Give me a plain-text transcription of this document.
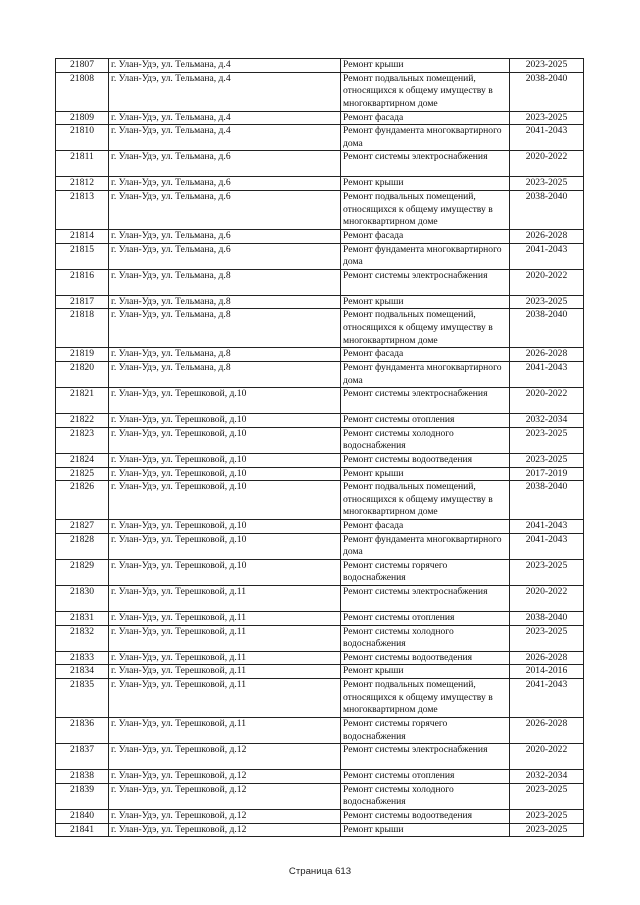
21807	г. Улан-Удэ, ул. Тельмана, д.4	Ремонт крыши	2023-2025
21808	г. Улан-Удэ, ул. Тельмана, д.4	Ремонт подвальных помещений, относящихся к общему имуществу в многоквартирном доме	2038-2040
21809	г. Улан-Удэ, ул. Тельмана, д.4	Ремонт фасада	2023-2025
21810	г. Улан-Удэ, ул. Тельмана, д.4	Ремонт фундамента многоквартирного дома	2041-2043
21811	г. Улан-Удэ, ул. Тельмана, д.6	Ремонт системы электроснабжения	2020-2022
21812	г. Улан-Удэ, ул. Тельмана, д.6	Ремонт крыши	2023-2025
21813	г. Улан-Удэ, ул. Тельмана, д.6	Ремонт подвальных помещений, относящихся к общему имуществу в многоквартирном доме	2038-2040
21814	г. Улан-Удэ, ул. Тельмана, д.6	Ремонт фасада	2026-2028
21815	г. Улан-Удэ, ул. Тельмана, д.6	Ремонт фундамента многоквартирного дома	2041-2043
21816	г. Улан-Удэ, ул. Тельмана, д.8	Ремонт системы электроснабжения	2020-2022
21817	г. Улан-Удэ, ул. Тельмана, д.8	Ремонт крыши	2023-2025
21818	г. Улан-Удэ, ул. Тельмана, д.8	Ремонт подвальных помещений, относящихся к общему имуществу в многоквартирном доме	2038-2040
21819	г. Улан-Удэ, ул. Тельмана, д.8	Ремонт фасада	2026-2028
21820	г. Улан-Удэ, ул. Тельмана, д.8	Ремонт фундамента многоквартирного дома	2041-2043
21821	г. Улан-Удэ, ул. Терешковой, д.10	Ремонт системы электроснабжения	2020-2022
21822	г. Улан-Удэ, ул. Терешковой, д.10	Ремонт системы отопления	2032-2034
21823	г. Улан-Удэ, ул. Терешковой, д.10	Ремонт системы холодного водоснабжения	2023-2025
21824	г. Улан-Удэ, ул. Терешковой, д.10	Ремонт системы водоотведения	2023-2025
21825	г. Улан-Удэ, ул. Терешковой, д.10	Ремонт крыши	2017-2019
21826	г. Улан-Удэ, ул. Терешковой, д.10	Ремонт подвальных помещений, относящихся к общему имуществу в многоквартирном доме	2038-2040
21827	г. Улан-Удэ, ул. Терешковой, д.10	Ремонт фасада	2041-2043
21828	г. Улан-Удэ, ул. Терешковой, д.10	Ремонт фундамента многоквартирного дома	2041-2043
21829	г. Улан-Удэ, ул. Терешковой, д.10	Ремонт системы горячего водоснабжения	2023-2025
21830	г. Улан-Удэ, ул. Терешковой, д.11	Ремонт системы электроснабжения	2020-2022
21831	г. Улан-Удэ, ул. Терешковой, д.11	Ремонт системы отопления	2038-2040
21832	г. Улан-Удэ, ул. Терешковой, д.11	Ремонт системы холодного водоснабжения	2023-2025
21833	г. Улан-Удэ, ул. Терешковой, д.11	Ремонт системы водоотведения	2026-2028
21834	г. Улан-Удэ, ул. Терешковой, д.11	Ремонт крыши	2014-2016
21835	г. Улан-Удэ, ул. Терешковой, д.11	Ремонт подвальных помещений, относящихся к общему имуществу в многоквартирном доме	2041-2043
21836	г. Улан-Удэ, ул. Терешковой, д.11	Ремонт системы горячего водоснабжения	2026-2028
21837	г. Улан-Удэ, ул. Терешковой, д.12	Ремонт системы электроснабжения	2020-2022
21838	г. Улан-Удэ, ул. Терешковой, д.12	Ремонт системы отопления	2032-2034
21839	г. Улан-Удэ, ул. Терешковой, д.12	Ремонт системы холодного водоснабжения	2023-2025
21840	г. Улан-Удэ, ул. Терешковой, д.12	Ремонт системы водоотведения	2023-2025
21841	г. Улан-Удэ, ул. Терешковой, д.12	Ремонт крыши	2023-2025
Страница 613
